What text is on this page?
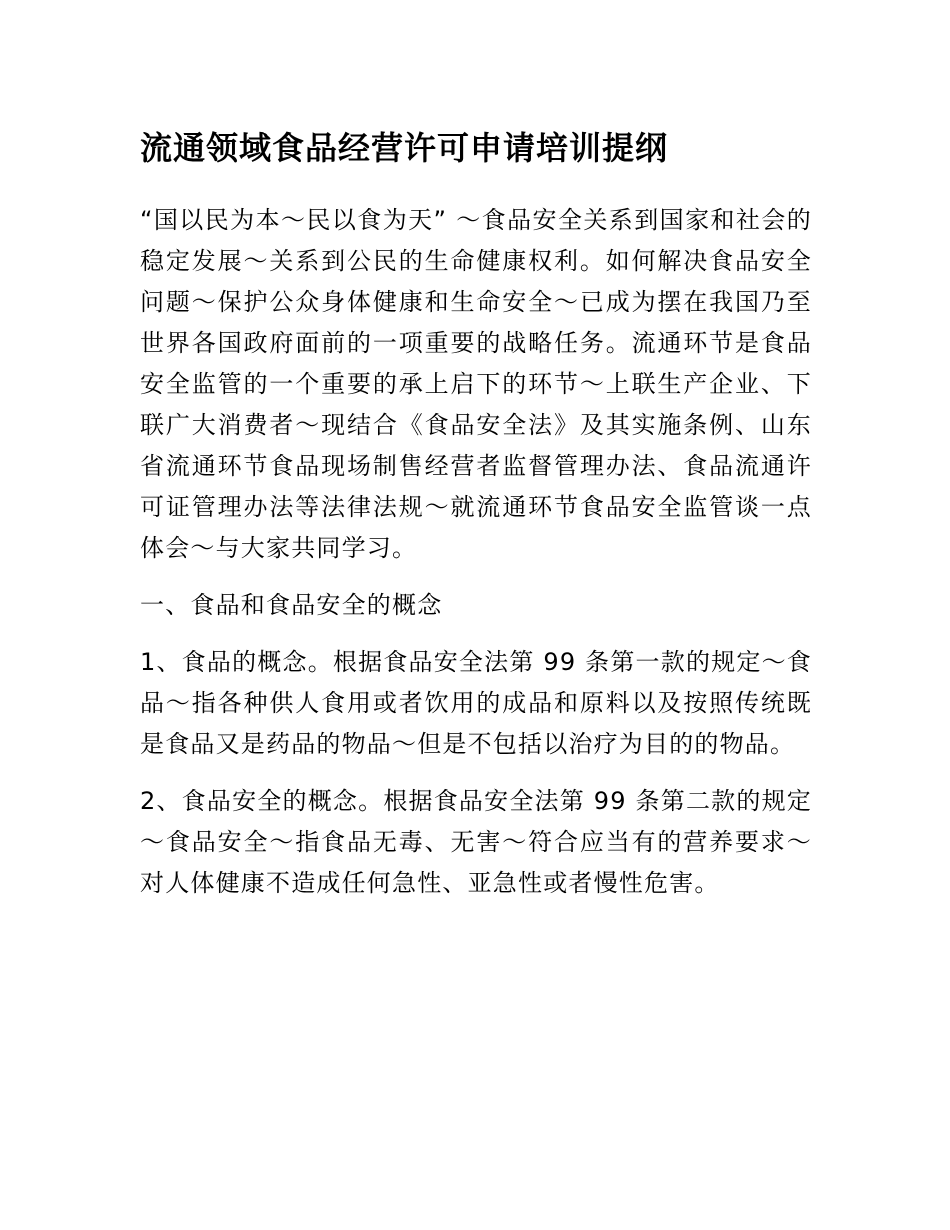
流通领域食品经营许可申请培训提纲

“国以民为本～民以食为天” ～食品安全关系到国家和社会的稳定发展～关系到公民的生命健康权利。如何解决食品安全问题～保护公众身体健康和生命安全～已成为摆在我国乃至世界各国政府面前的一项重要的战略任务。流通环节是食品安全监管的一个重要的承上启下的环节～上联生产企业、下联广大消费者～现结合《食品安全法》及其实施条例、山东省流通环节食品现场制售经营者监督管理办法、食品流通许可证管理办法等法律法规～就流通环节食品安全监管谈一点体会～与大家共同学习。

一、食品和食品安全的概念

1、食品的概念。根据食品安全法第 99 条第一款的规定～食品～指各种供人食用或者饮用的成品和原料以及按照传统既是食品又是药品的物品～但是不包括以治疗为目的的物品。

2、食品安全的概念。根据食品安全法第 99 条第二款的规定～食品安全～指食品无毒、无害～符合应当有的营养要求～对人体健康不造成任何急性、亚急性或者慢性危害。
